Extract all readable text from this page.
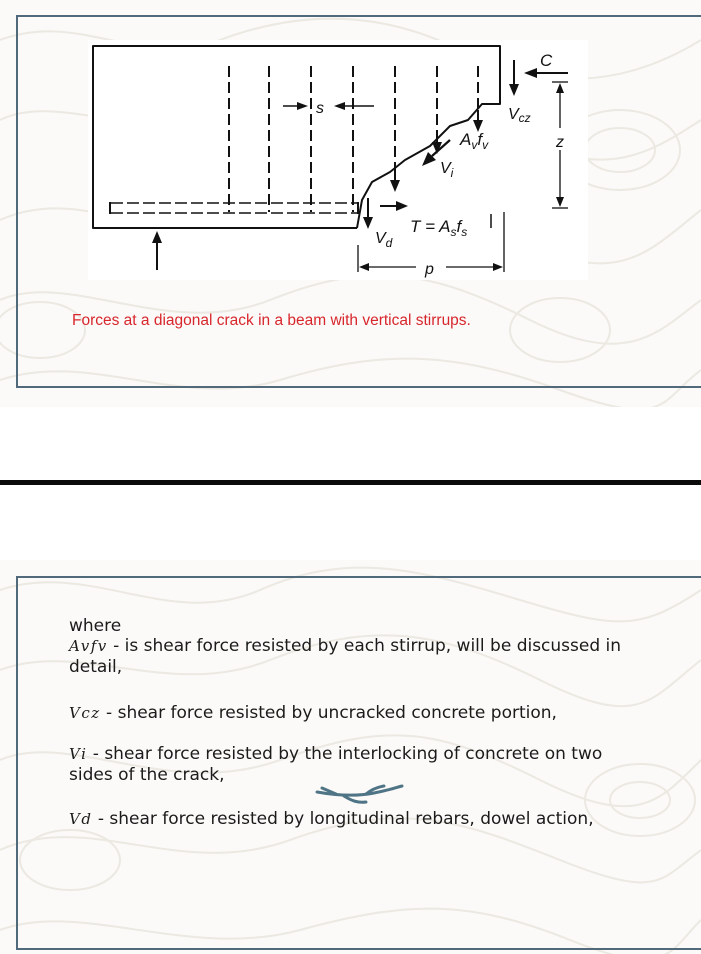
C
Vcz
z
s
$A_vf_v$
$V_i$
$T = A_sf_s$
$V_d$
p
Forces at a diagonal crack in a beam with vertical stirrups.
where
Avfv - is shear force resisted by each stirrup, will be discussed in
detail,
Vcz - shear force resisted by uncracked concrete portion,
Vi - shear force resisted by the interlocking of concrete on two
sides of the crack,
Vd - shear force resisted by longitudinal rebars, dowel action,
